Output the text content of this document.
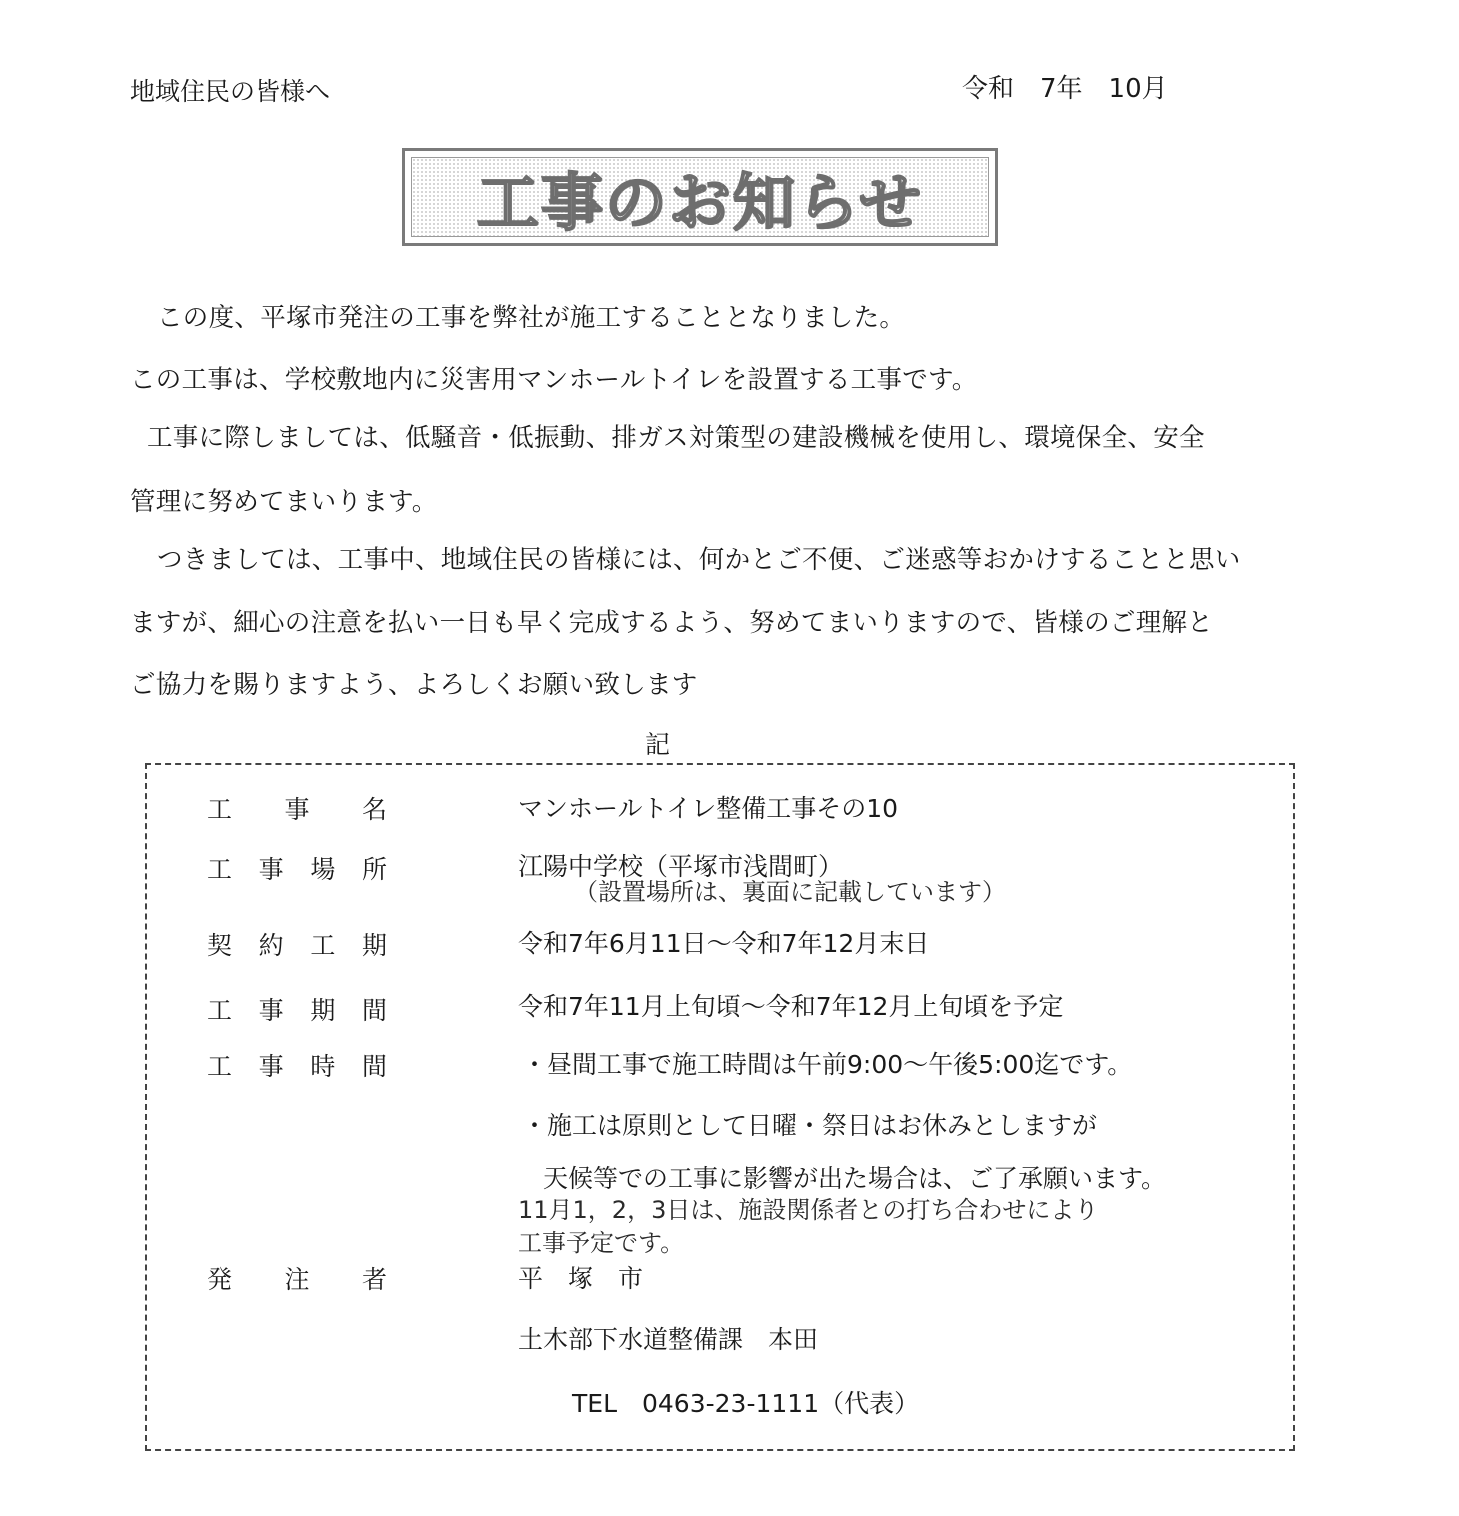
地域住民の皆様へ	令和　7年　10月
工事のお知らせ
この度、平塚市発注の工事を弊社が施工することとなりました。
この工事は、学校敷地内に災害用マンホールトイレを設置する工事です。
工事に際しましては、低騒音・低振動、排ガス対策型の建設機械を使用し、環境保全、安全
管理に努めてまいります。
つきましては、工事中、地域住民の皆様には、何かとご不便、ご迷惑等おかけすることと思い
ますが、細心の注意を払い一日も早く完成するよう、努めてまいりますので、皆様のご理解と
ご協力を賜りますよう、よろしくお願い致します
記
工 事 名	マンホールトイレ整備工事その10
工 事 場 所	江陽中学校（平塚市浅間町）
（設置場所は、裏面に記載しています）
契 約 工 期	令和7年6月11日～令和7年12月末日
工 事 期 間	令和7年11月上旬頃～令和7年12月上旬頃を予定
工 事 時 間	・昼間工事で施工時間は午前9:00～午後5:00迄です。
・施工は原則として日曜・祭日はお休みとしますが
天候等での工事に影響が出た場合は、ご了承願います。
11月1，2，3日は、施設関係者との打ち合わせにより
工事予定です。
発 注 者	平　塚　市
土木部下水道整備課　本田
TEL　0463-23-1111（代表）
